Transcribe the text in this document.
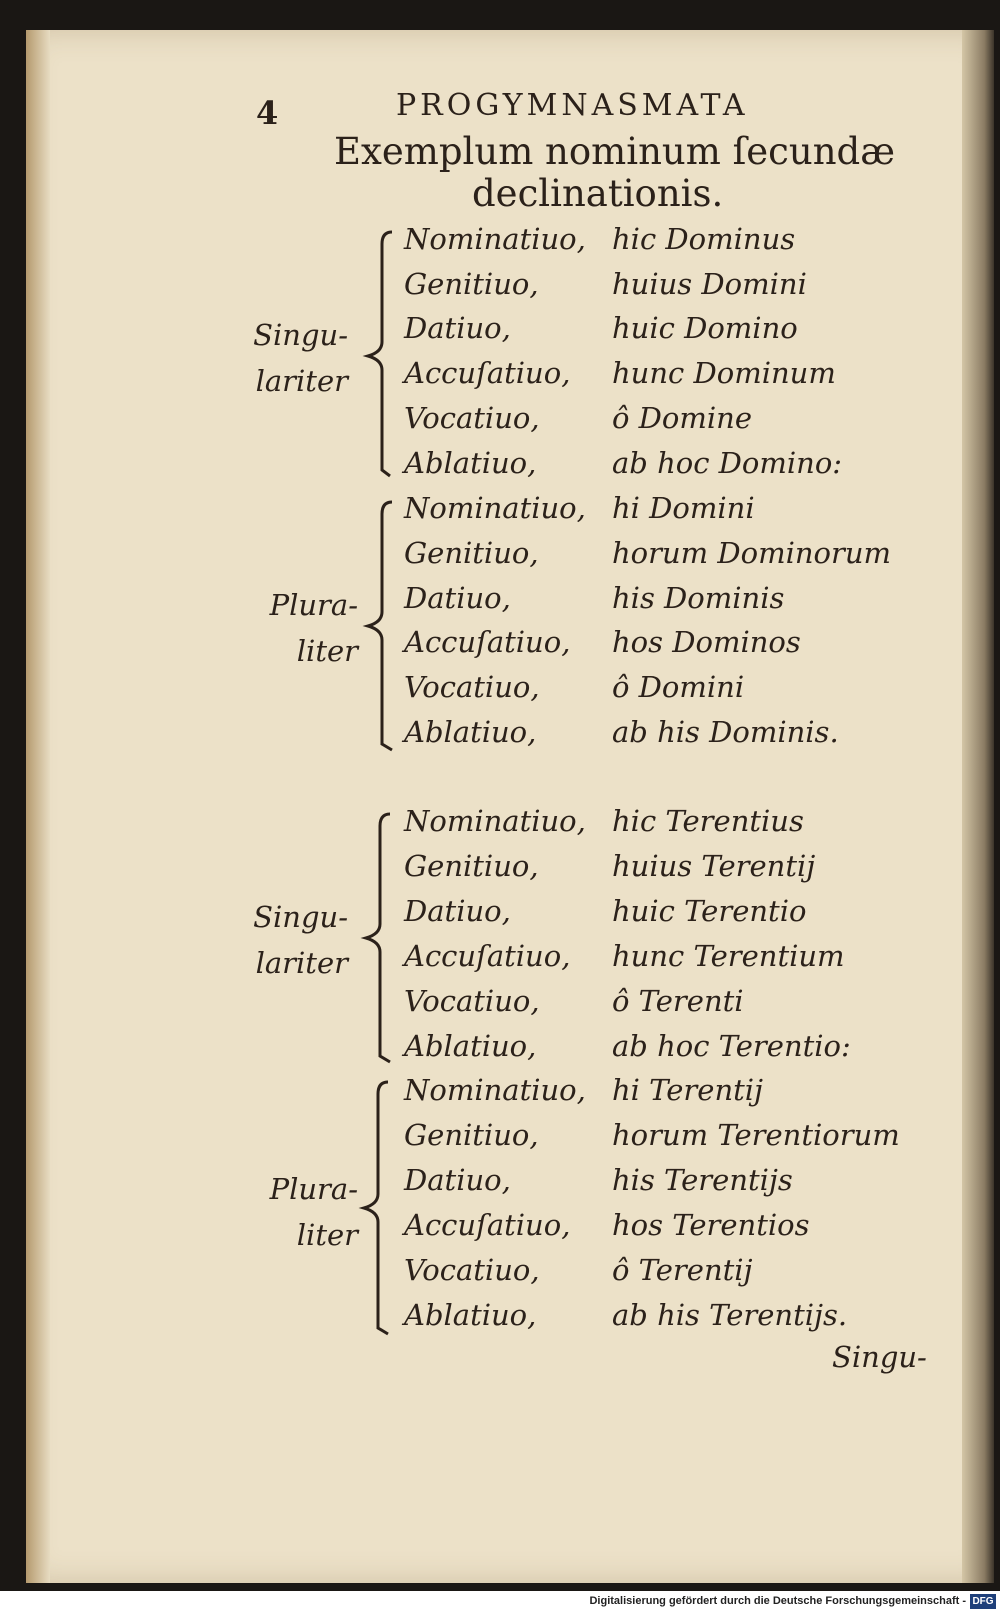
4	PROGYMNASMATA
Exemplum nominum ſecundæ
declinationis.
Singu-
lariter
Plura-
liter
Nominatiuo, hic Dominus
Genitiuo,	huius Domini
Datiuo,	huic Domino
Accuſatiuo, hunc Dominum
Vocatiuo, ô Domine
Ablatiuo,	ab hoc Domino:
Nominatiuo, hi Domini
Genitiuo,	horum Dominorum
Datiuo,	his Dominis
Accuſatiuo, hos Dominos
Vocatiuo, ô Domini
Ablatiuo,	ab his Dominis.
Singu-
lariter
Plura-
liter
Nominatiuo, hic Terentius
Genitiuo,	huius Terentij
Datiuo,	huic Terentio
Accuſatiuo, hunc Terentium
Vocatiuo, ô Terenti
Ablatiuo,	ab hoc Terentio:
Nominatiuo, hi Terentij
Genitiuo,	horum Terentiorum
Datiuo,	his Terentijs
Accuſatiuo, hos Terentios
Vocatiuo, ô Terentij
Ablatiuo,	ab his Terentijs.
Singu-
Digitalisierung gefördert durch die Deutsche Forschungsgemeinschaft - DFG
